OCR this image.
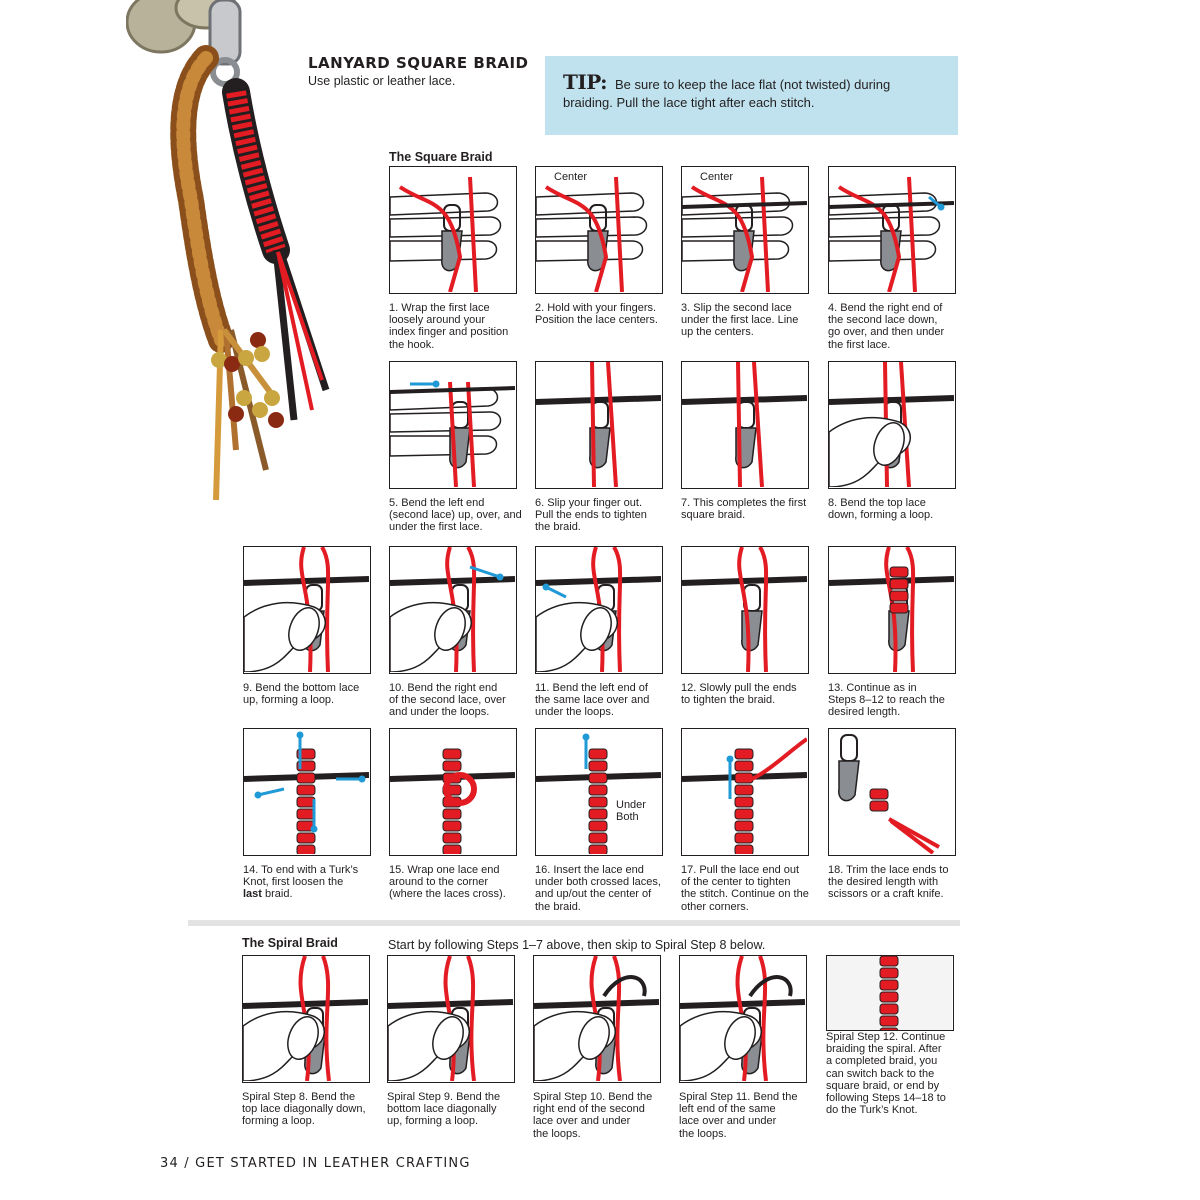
LANYARD SQUARE BRAID
Use plastic or leather lace.	TIP: Be sure to keep the lace flat (not twisted) during braiding. Pull the lace tight after each stitch.
The Square Braid
1. Wrap the first lace
loosely around your
index finger and position
the hook.
Center
2. Hold with your fingers.
Position the lace centers.
Center
3. Slip the second lace
under the first lace. Line
up the centers.
4. Bend the right end of
the second lace down,
go over, and then under
the first lace.
5. Bend the left end
(second lace) up, over, and
under the first lace.
6. Slip your finger out.
Pull the ends to tighten
the braid.
7. This completes the first
square braid.
8. Bend the top lace
down, forming a loop.
9. Bend the bottom lace
up, forming a loop.
10. Bend the right end
of the second lace, over
and under the loops.
11. Bend the left end of
the same lace over and
under the loops.
12. Slowly pull the ends
to tighten the braid.
13. Continue as in
Steps 8–12 to reach the
desired length.
14. To end with a Turk’s
Knot, first loosen the
last braid.
15. Wrap one lace end
around to the corner
(where the laces cross).
Under
Both
16. Insert the lace end
under both crossed laces,
and up/out the center of
the braid.
17. Pull the lace end out
of the center to tighten
the stitch. Continue on the
other corners.
18. Trim the lace ends to
the desired length with
scissors or a craft knife.
The Spiral Braid	Start by following Steps 1–7 above, then skip to Spiral Step 8 below.
Spiral Step 8. Bend the
top lace diagonally down,
forming a loop.
Spiral Step 9. Bend the
bottom lace diagonally
up, forming a loop.
Spiral Step 10. Bend the
right end of the second
lace over and under
the loops.
Spiral Step 11. Bend the
left end of the same
lace over and under
the loops.
Spiral Step 12. Continue
braiding the spiral. After
a completed braid, you
can switch back to the
square braid, or end by
following Steps 14–18 to
do the Turk’s Knot.
34 / GET STARTED IN LEATHER CRAFTING
